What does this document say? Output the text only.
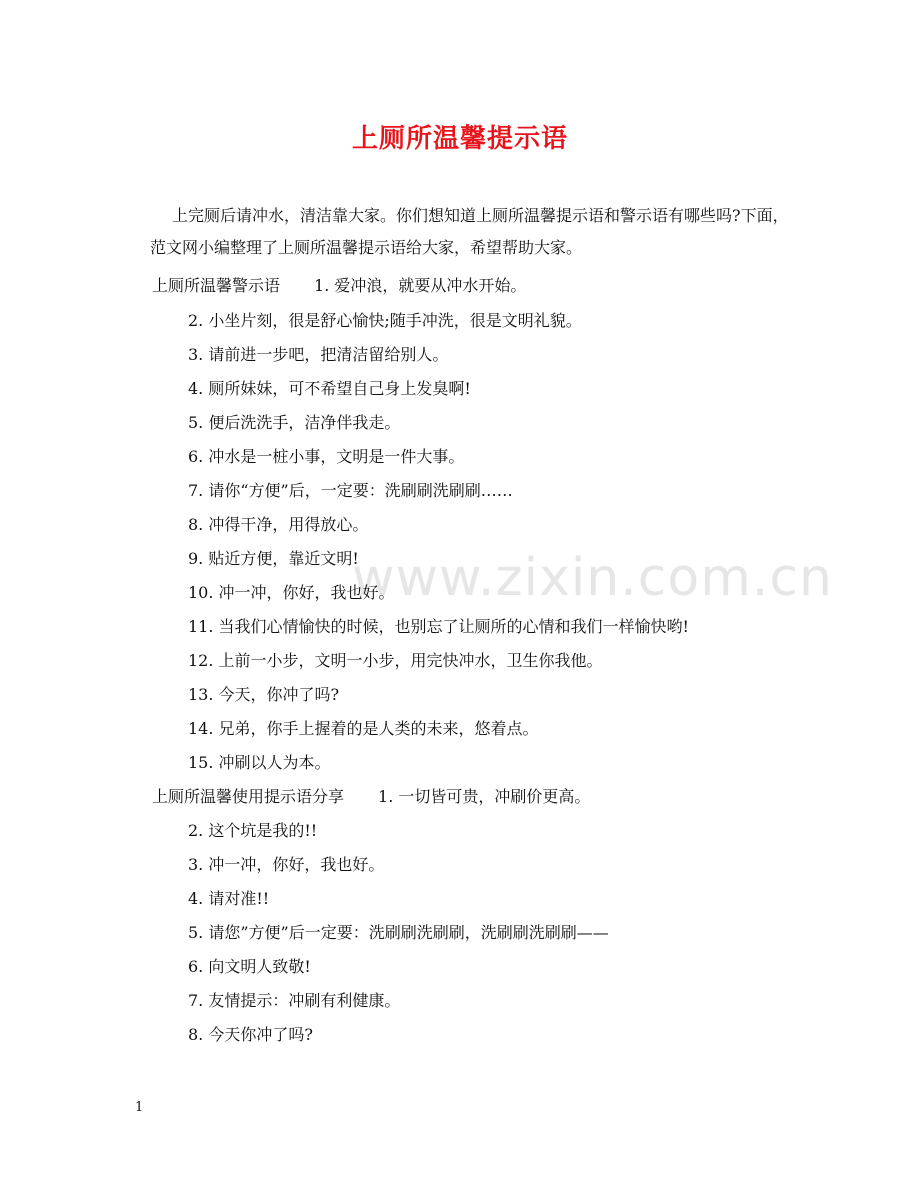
www.zixin.com.cn
上厕所温馨提示语
上完厕后请冲水，清洁靠大家。你们想知道上厕所温馨提示语和警示语有哪些吗?下面，范文网小编整理了上厕所温馨提示语给大家，希望帮助大家。
上厕所温馨警示语 1. 爱冲浪，就要从冲水开始。
2. 小坐片刻，很是舒心愉快;随手冲洗，很是文明礼貌。
3. 请前进一步吧，把清洁留给别人。
4. 厕所妹妹，可不希望自己身上发臭啊!
5. 便后洗洗手，洁净伴我走。
6. 冲水是一桩小事，文明是一件大事。
7. 请你“方便”后，一定要：洗刷刷洗刷刷……
8. 冲得干净，用得放心。
9. 贴近方便，靠近文明!
10. 冲一冲，你好，我也好。
11. 当我们心情愉快的时候，也别忘了让厕所的心情和我们一样愉快哟!
12. 上前一小步，文明一小步，用完快冲水，卫生你我他。
13. 今天，你冲了吗?
14. 兄弟，你手上握着的是人类的未来，悠着点。
15. 冲刷以人为本。
上厕所温馨使用提示语分享 1. 一切皆可贵，冲刷价更高。
2. 这个坑是我的!!
3. 冲一冲，你好，我也好。
4. 请对准!!
5. 请您”方便”后一定要：洗刷刷洗刷刷，洗刷刷洗刷刷——
6. 向文明人致敬!
7. 友情提示：冲刷有利健康。
8. 今天你冲了吗?
1
